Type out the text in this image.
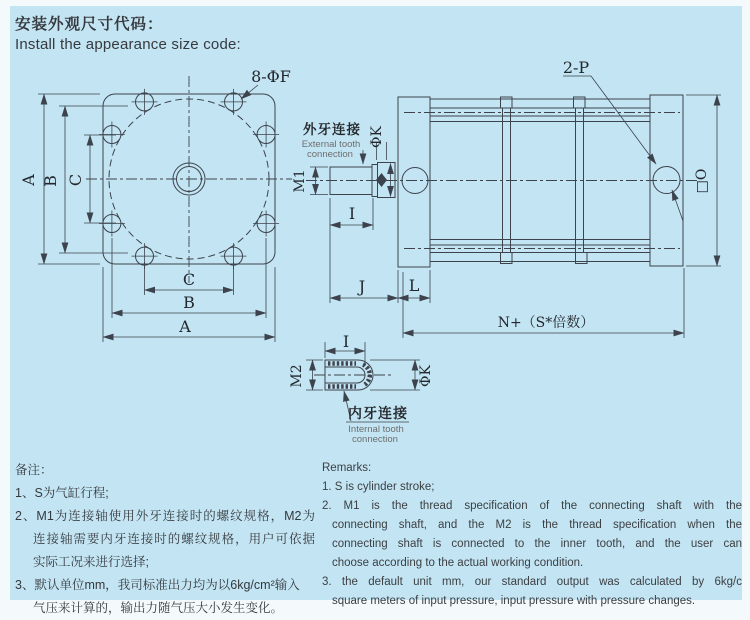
安装外观尺寸代码：
Install the appearance size code:
8-ΦF
A B C
C
B
A
ΦK
M1
外牙连接
External tooth
connection
2-P
□O
I
J	L
N+（S*倍数）
I
M2	ΦK
内牙连接
Internal tooth
connection
备注：
1、S为气缸行程;
2、M1为连接轴使用外牙连接时的螺纹规格，M2为
连接轴需要内牙连接时的螺纹规格，用户可依据
实际工况来进行选择;
3、默认单位mm，我司标准出力均为以6kg/cm²输入
气压来计算的，输出力随气压大小发生变化。
Remarks:
1. S is cylinder stroke;
2. M1 is the thread specification of the connecting shaft with the
connecting shaft, and the M2 is the thread specification when the
connecting shaft is connected to the inner tooth, and the user can
choose according to the actual working condition.
3. the default unit mm, our standard output was calculated by 6kg/c
square meters of input pressure, input pressure with pressure changes.
